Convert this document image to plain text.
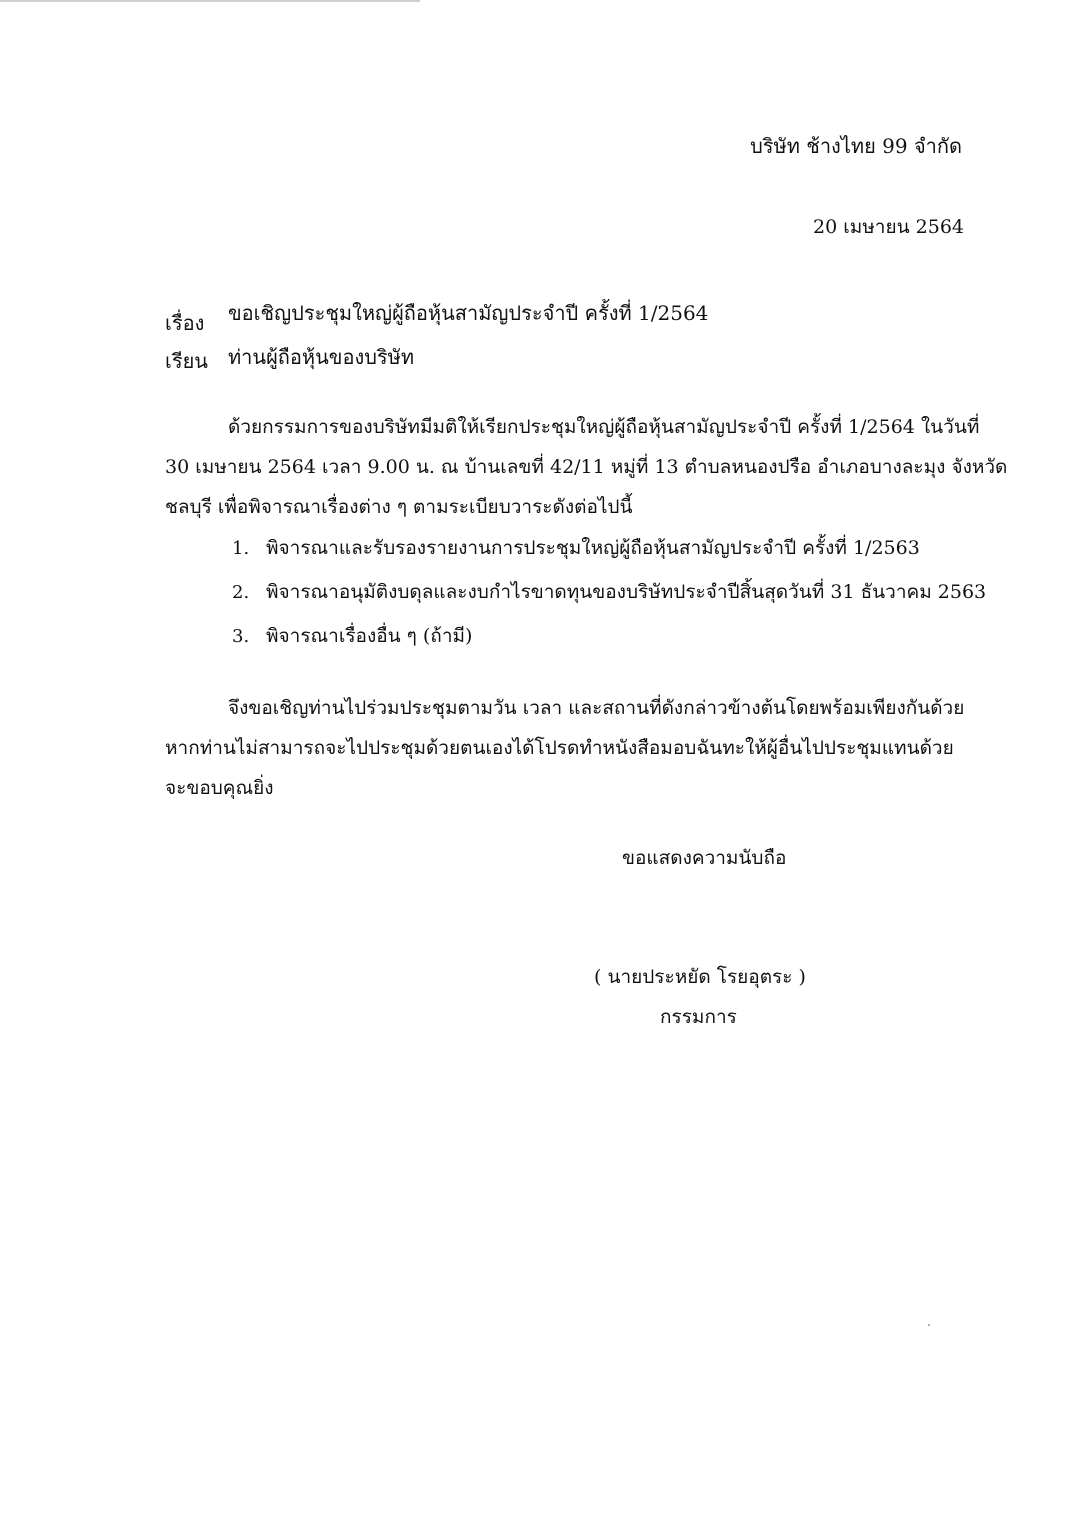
บริษัท ช้างไทย 99 จำกัด
20 เมษายน 2564
เรื่อง ขอเชิญประชุมใหญ่ผู้ถือหุ้นสามัญประจำปี ครั้งที่ 1/2564
เรียน ท่านผู้ถือหุ้นของบริษัท
ด้วยกรรมการของบริษัทมีมติให้เรียกประชุมใหญ่ผู้ถือหุ้นสามัญประจำปี ครั้งที่ 1/2564 ในวันที่
30 เมษายน 2564 เวลา 9.00 น. ณ บ้านเลขที่ 42/11 หมู่ที่ 13 ตำบลหนองปรือ อำเภอบางละมุง จังหวัด
ชลบุรี เพื่อพิจารณาเรื่องต่าง ๆ ตามระเบียบวาระดังต่อไปนี้
1. พิจารณาและรับรองรายงานการประชุมใหญ่ผู้ถือหุ้นสามัญประจำปี ครั้งที่ 1/2563
2. พิจารณาอนุมัติงบดุลและงบกำไรขาดทุนของบริษัทประจำปีสิ้นสุดวันที่ 31 ธันวาคม 2563
3. พิจารณาเรื่องอื่น ๆ (ถ้ามี)
จึงขอเชิญท่านไปร่วมประชุมตามวัน เวลา และสถานที่ดังกล่าวข้างต้นโดยพร้อมเพียงกันด้วย
หากท่านไม่สามารถจะไปประชุมด้วยตนเองได้โปรดทำหนังสือมอบฉันทะให้ผู้อื่นไปประชุมแทนด้วย
จะขอบคุณยิ่ง
ขอแสดงความนับถือ
( นายประหยัด โรยอุตระ )
กรรมการ
